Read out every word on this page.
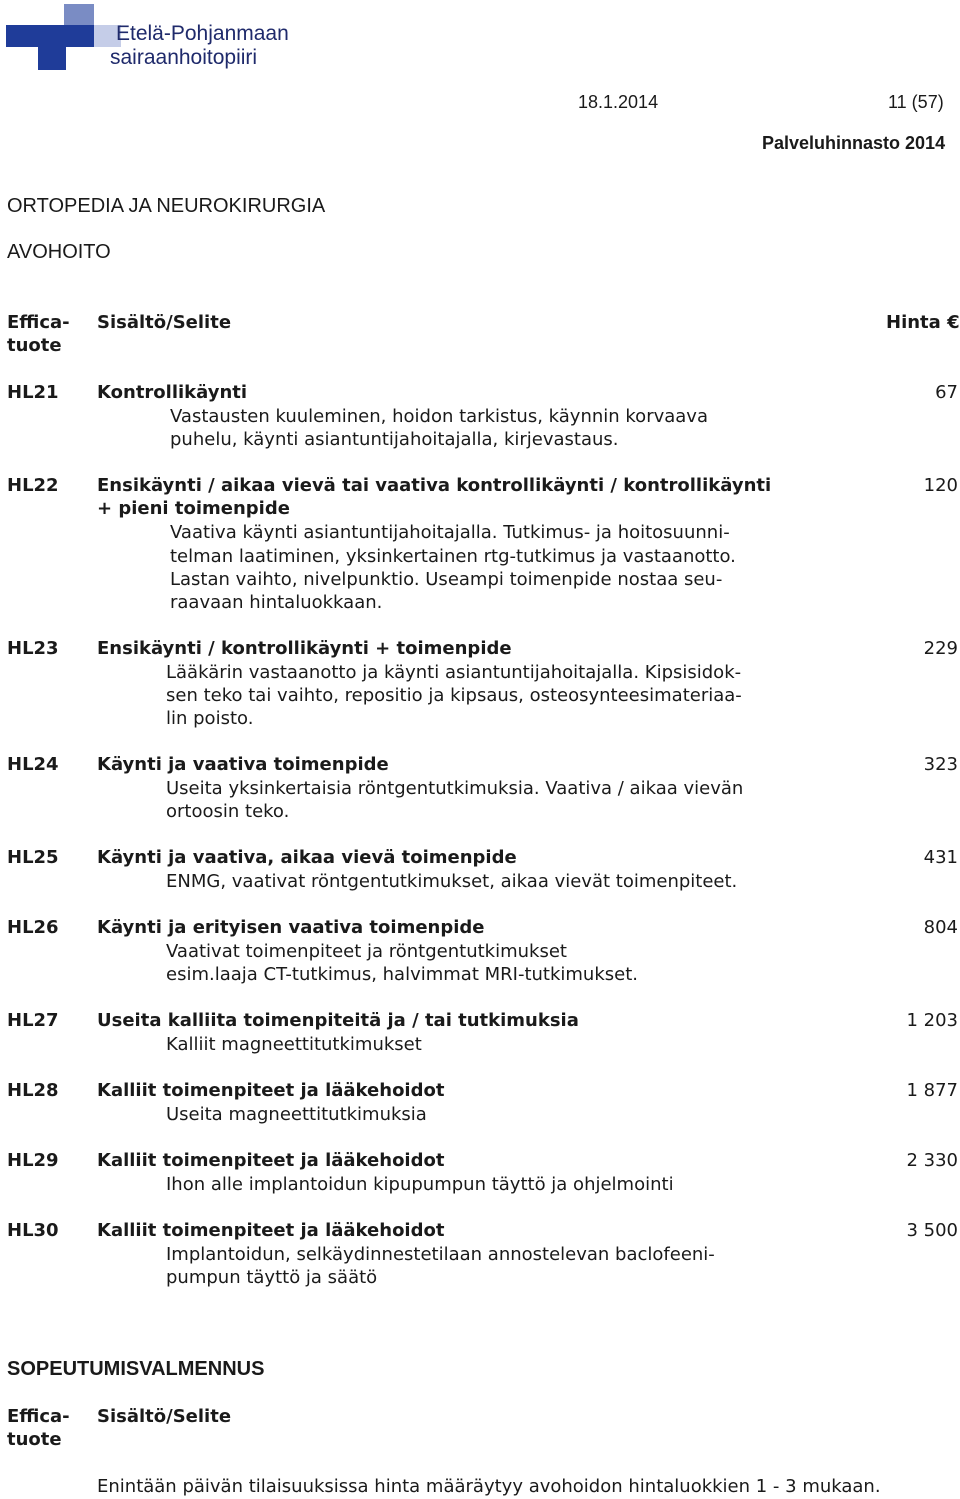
Etelä-Pohjanmaan
sairaanhoitopiiri
18.1.2014	11 (57)
Palveluhinnasto 2014
ORTOPEDIA JA NEUROKIRURGIA
AVOHOITO
Effica-
tuote
Sisältö/Selite	Hinta €
HL21 Kontrollikäynti
Vastausten kuuleminen, hoidon tarkistus, käynnin korvaava
puhelu, käynti asiantuntijahoitajalla, kirjevastaus.
67
HL22 Ensikäynti / aikaa vievä tai vaativa kontrollikäynti / kontrollikäynti
+ pieni toimenpide
Vaativa käynti asiantuntijahoitajalla. Tutkimus- ja hoitosuunni-
telman laatiminen, yksinkertainen rtg-tutkimus ja vastaanotto.
Lastan vaihto, nivelpunktio. Useampi toimenpide nostaa seu-
raavaan hintaluokkaan.
120
HL23 Ensikäynti / kontrollikäynti + toimenpide
Lääkärin vastaanotto ja käynti asiantuntijahoitajalla. Kipsisidok-
sen teko tai vaihto, repositio ja kipsaus, osteosynteesimateriaa-
lin poisto.
229
HL24 Käynti ja vaativa toimenpide
Useita yksinkertaisia röntgentutkimuksia. Vaativa / aikaa vievän
ortoosin teko.
323
HL25 Käynti ja vaativa, aikaa vievä toimenpide
ENMG, vaativat röntgentutkimukset, aikaa vievät toimenpiteet.
431
HL26 Käynti ja erityisen vaativa toimenpide
Vaativat toimenpiteet ja röntgentutkimukset
esim.laaja CT-tutkimus, halvimmat MRI-tutkimukset.
804
HL27 Useita kalliita toimenpiteitä ja / tai tutkimuksia
Kalliit magneettitutkimukset
1 203
HL28 Kalliit toimenpiteet ja lääkehoidot
Useita magneettitutkimuksia
1 877
HL29 Kalliit toimenpiteet ja lääkehoidot
Ihon alle implantoidun kipupumpun täyttö ja ohjelmointi
2 330
HL30 Kalliit toimenpiteet ja lääkehoidot
Implantoidun, selkäydinnestetilaan annostelevan baclofeeni-
pumpun täyttö ja säätö
3 500
SOPEUTUMISVALMENNUS
Effica-
tuote
Sisältö/Selite
Enintään päivän tilaisuuksissa hinta määräytyy avohoidon hintaluokkien 1 - 3 mukaan.
